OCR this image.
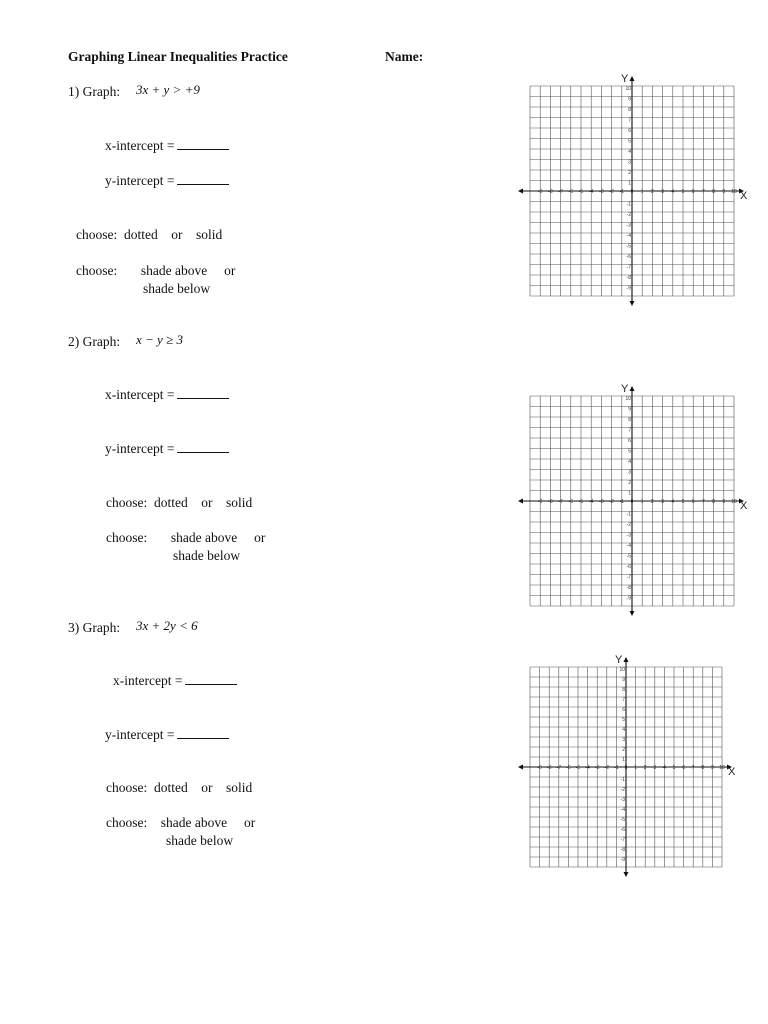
Graphing Linear Inequalities Practice	Name:
1) Graph: 3x + y > +9
x-intercept =
y-intercept =
choose: dotted or solid
choose: shade above or
shade below
2) Graph: x − y ≥ 3
x-intercept =
y-intercept =
choose: dotted or solid
choose: shade above or
shade below
3) Graph: 3x + 2y < 6
x-intercept =
y-intercept =
choose: dotted or solid
choose: shade above or
shade below
-9 -8 -7 -6 -5 -4 -3 -2 -1 0 1 2 3 4 5 6 7 8 9 10
10
9
8
7
6
5
4
3
2
1
-1
-2
-3
-4
-5
-6
-7
-8
-9
X
Y
-9 -8 -7 -6 -5 -4 -3 -2 -1 0 1 2 3 4 5 6 7 8 9 10
10
9
8
7
6
5
4
3
2
1
-1
-2
-3
-4
-5
-6
-7
-8
-9
X
Y
-9 -8 -7 -6 -5 -4 -3 -2 -1 0 1 2 3 4 5 6 7 8 9 10
10
9
8
7
6
5
4
3
2
1
-1
-2
-3
-4
-5
-6
-7
-8
-9
X
Y
